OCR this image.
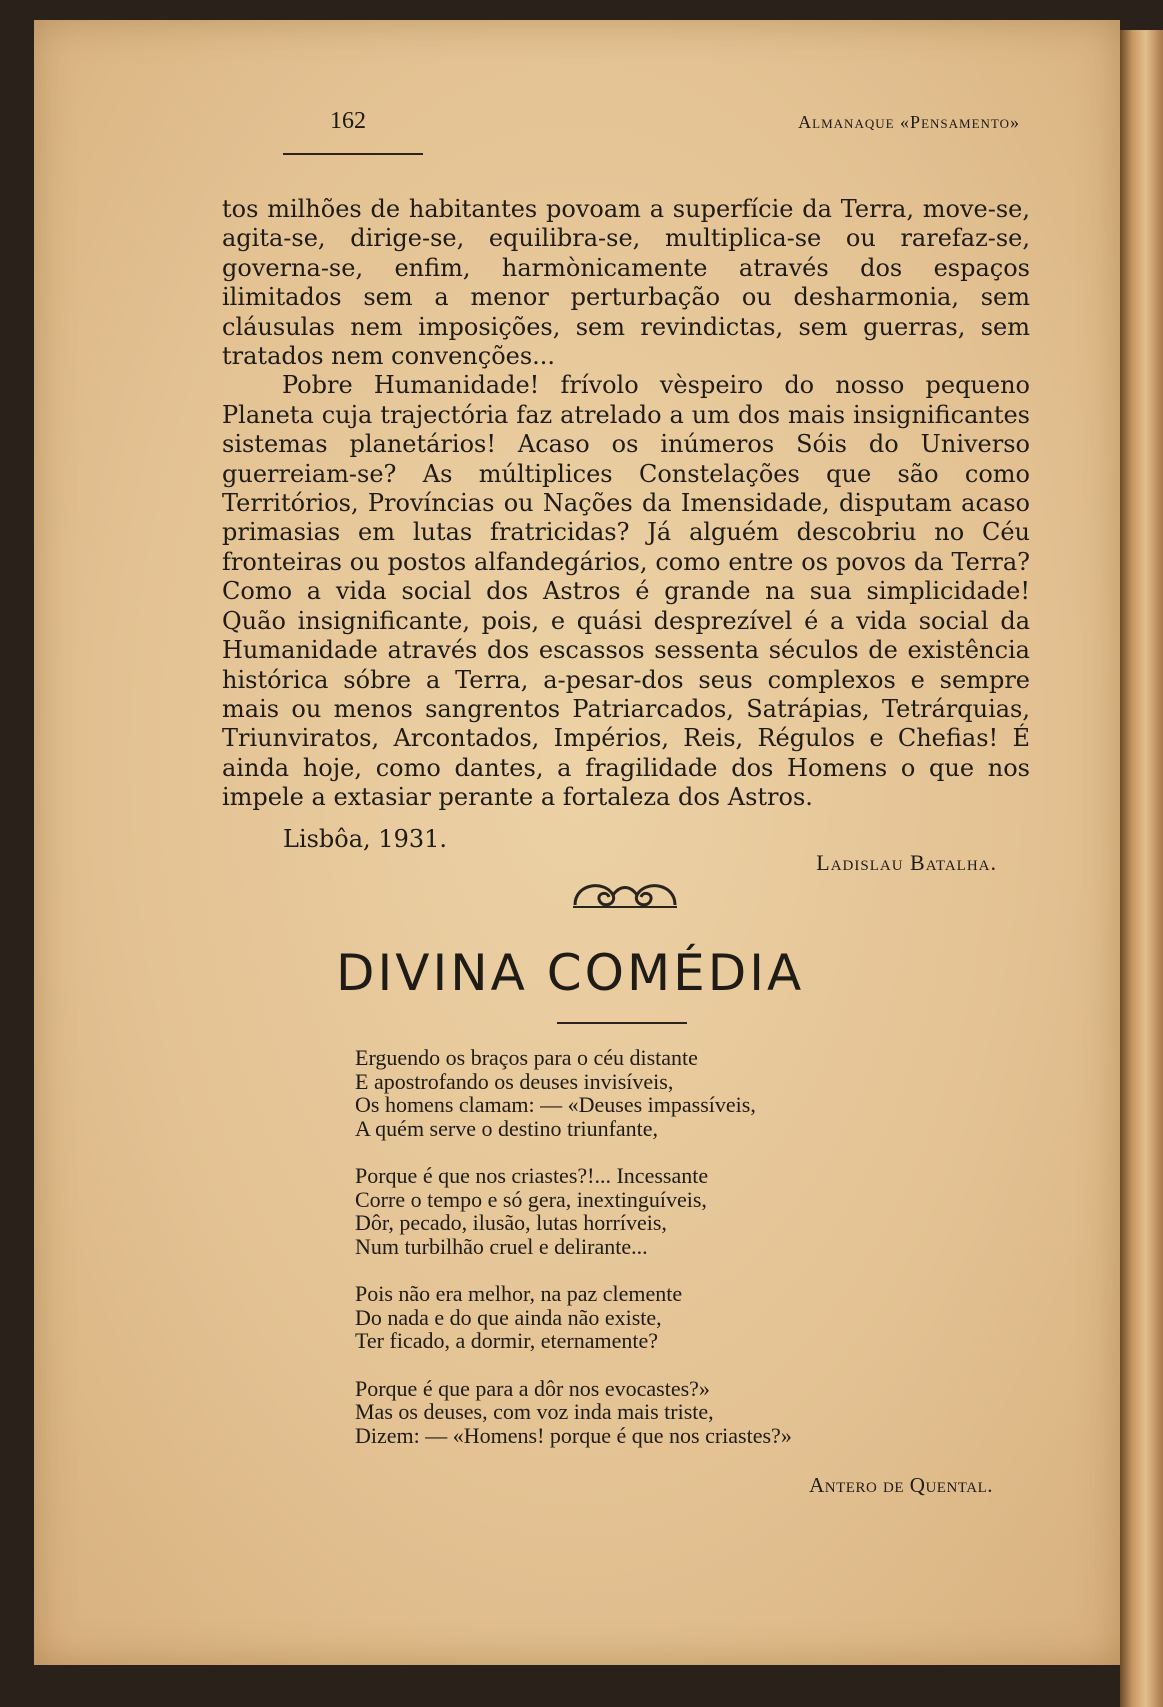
162	Almanaque «Pensamento»

tos milhões de habitantes povoam a superfície da Terra, move-se, agita-se, dirige-se, equilibra-se, multiplica-se ou rarefaz-se, governa-se, enfim, harmònicamente através dos espaços ilimitados sem a menor perturbação ou desharmonia, sem cláusulas nem imposições, sem revindictas, sem guerras, sem tratados nem convenções...

Pobre Humanidade! frívolo vèspeiro do nosso pequeno Planeta cuja trajectória faz atrelado a um dos mais insignificantes sistemas planetários! Acaso os inúmeros Sóis do Universo guerreiam-se? As múltiplices Constelações que são como Territórios, Províncias ou Nações da Imensidade, disputam acaso primasias em lutas fratricidas? Já alguém descobriu no Céu fronteiras ou postos alfandegários, como entre os povos da Terra? Como a vida social dos Astros é grande na sua simplicidade! Quão insignificante, pois, e quási desprezível é a vida social da Humanidade através dos escassos sessenta séculos de existência histórica sóbre a Terra, a-pesar-dos seus complexos e sempre mais ou menos sangrentos Patriarcados, Satrápias, Tetrárquias, Triunviratos, Arcontados, Impérios, Reis, Régulos e Chefias! É ainda hoje, como dantes, a fragilidade dos Homens o que nos impele a extasiar perante a fortaleza dos Astros.

Lisbôa, 1931.
Ladislau Batalha.
DIVINA COMÉDIA
Erguendo os braços para o céu distante
E apostrofando os deuses invisíveis,
Os homens clamam: — «Deuses impassíveis,
A quém serve o destino triunfante,
Porque é que nos criastes?!... Incessante
Corre o tempo e só gera, inextinguíveis,
Dôr, pecado, ilusão, lutas horríveis,
Num turbilhão cruel e delirante...
Pois não era melhor, na paz clemente
Do nada e do que ainda não existe,
Ter ficado, a dormir, eternamente?
Porque é que para a dôr nos evocastes?»
Mas os deuses, com voz inda mais triste,
Dizem: — «Homens! porque é que nos criastes?»
Antero de Quental.
